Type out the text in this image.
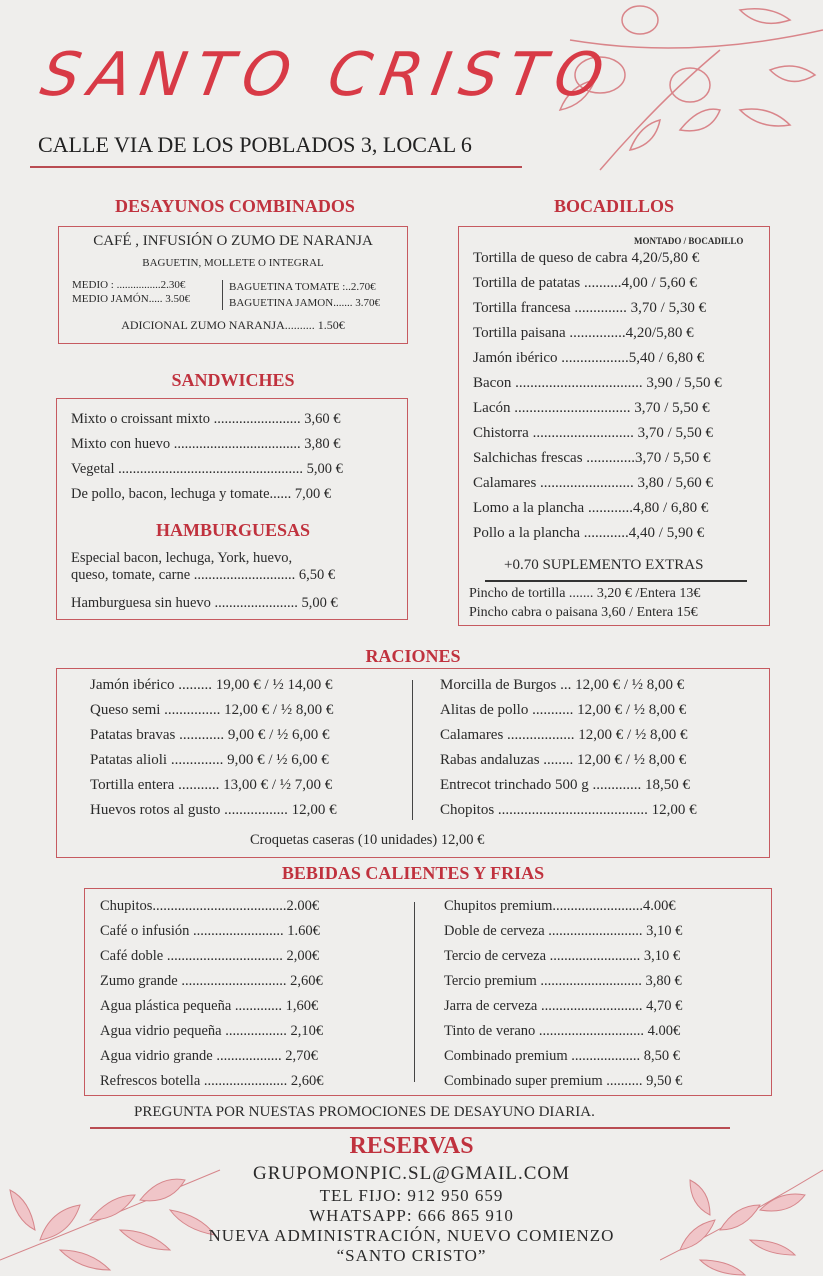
SANTO CRISTO
CALLE VIA DE LOS POBLADOS 3, LOCAL 6
DESAYUNOS COMBINADOS
CAFÉ , INFUSIÓN O ZUMO DE NARANJA
BAGUETIN, MOLLETE O INTEGRAL
MEDIO : ................2.30€
MEDIO JAMÓN..... 3.50€
BAGUETINA TOMATE :..2.70€
BAGUETINA JAMON....... 3.70€
ADICIONAL ZUMO NARANJA.......... 1.50€
SANDWICHES
Mixto o croissant mixto ........................ 3,60 €
Mixto con huevo ................................... 3,80 €
Vegetal ................................................... 5,00 €
De pollo, bacon, lechuga y tomate...... 7,00 €
HAMBURGUESAS
Especial bacon, lechuga, York, huevo,
queso, tomate, carne ............................ 6,50 €
Hamburguesa sin huevo ....................... 5,00 €
BOCADILLOS
MONTADO / BOCADILLO
Tortilla de queso de cabra 4,20/5,80 €
Tortilla de patatas ..........4,00 / 5,60 €
Tortilla francesa .............. 3,70 / 5,30 €
Tortilla paisana ...............4,20/5,80 €
Jamón ibérico ..................5,40 / 6,80 €
Bacon .................................. 3,90 / 5,50 €
Lacón ............................... 3,70 / 5,50 €
Chistorra ........................... 3,70 / 5,50 €
Salchichas frescas .............3,70 / 5,50 €
Calamares ......................... 3,80 / 5,60 €
Lomo a la plancha ............4,80 / 6,80 €
Pollo a la plancha ............4,40 / 5,90 €
+0.70 SUPLEMENTO EXTRAS
Pincho de tortilla ....... 3,20 € /Entera 13€
Pincho cabra o paisana 3,60 / Entera 15€
RACIONES
Jamón ibérico ......... 19,00 € / ½ 14,00 €
Queso semi ............... 12,00 € / ½ 8,00 €
Patatas bravas ............ 9,00 € / ½ 6,00 €
Patatas alioli .............. 9,00 € / ½ 6,00 €
Tortilla entera ........... 13,00 € / ½ 7,00 €
Huevos rotos al gusto ................. 12,00 €
Morcilla de Burgos ... 12,00 € / ½ 8,00 €
Alitas de pollo ........... 12,00 € / ½ 8,00 €
Calamares .................. 12,00 € / ½ 8,00 €
Rabas andaluzas ........ 12,00 € / ½ 8,00 €
Entrecot trinchado 500 g ............. 18,50 €
Chopitos ........................................ 12,00 €
Croquetas caseras (10 unidades) 12,00 €
BEBIDAS CALIENTES Y FRIAS
Chupitos.....................................2.00€
Café o infusión ......................... 1.60€
Café doble ................................ 2,00€
Zumo grande ............................. 2,60€
Agua plástica pequeña ............. 1,60€
Agua vidrio pequeña ................. 2,10€
Agua vidrio grande .................. 2,70€
Refrescos botella ....................... 2,60€
Chupitos premium.........................4.00€
Doble de cerveza .......................... 3,10 €
Tercio de cerveza ......................... 3,10 €
Tercio premium ............................ 3,80 €
Jarra de cerveza ............................ 4,70 €
Tinto de verano ............................. 4.00€
Combinado premium ................... 8,50 €
Combinado super premium .......... 9,50 €
PREGUNTA POR NUESTAS PROMOCIONES DE DESAYUNO DIARIA.
RESERVAS
GRUPOMONPIC.SL@GMAIL.COM
TEL FIJO: 912 950 659
WHATSAPP: 666 865 910
NUEVA ADMINISTRACIÓN, NUEVO COMIENZO
“SANTO CRISTO”
